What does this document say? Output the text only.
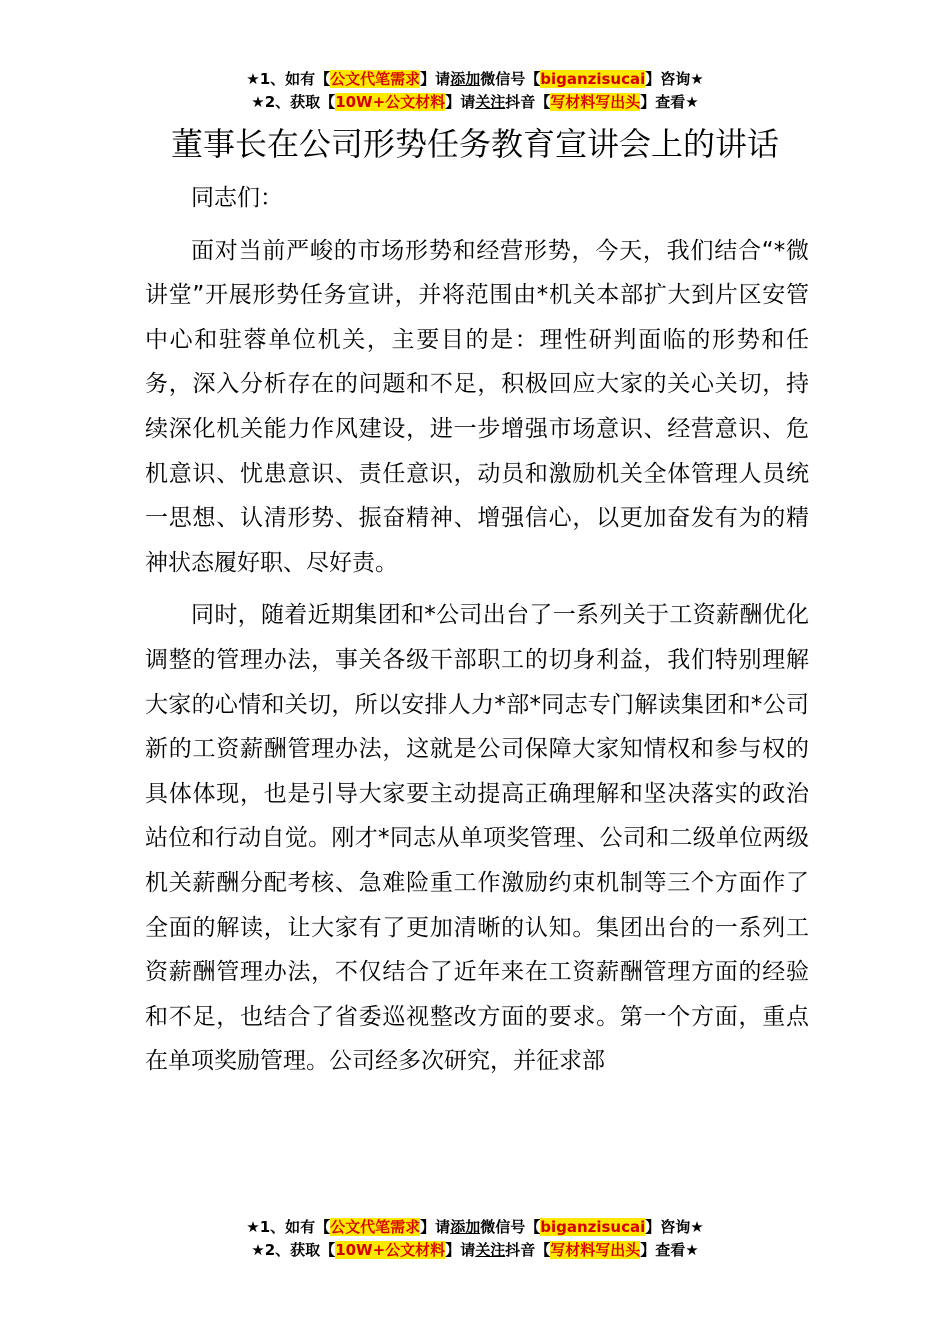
★1、如有【公文代笔需求】请添加微信号【biganzisucai】咨询★
★2、获取【10W+公文材料】请关注抖音【写材料写出头】查看★
董事长在公司形势任务教育宣讲会上的讲话

同志们：

面对当前严峻的市场形势和经营形势，今天，我们结合“*微讲堂”开展形势任务宣讲，并将范围由*机关本部扩大到片区安管中心和驻蓉单位机关，主要目的是：理性研判面临的形势和任务，深入分析存在的问题和不足，积极回应大家的关心关切，持续深化机关能力作风建设，进一步增强市场意识、经营意识、危机意识、忧患意识、责任意识，动员和激励机关全体管理人员统一思想、认清形势、振奋精神、增强信心，以更加奋发有为的精神状态履好职、尽好责。

同时，随着近期集团和*公司出台了一系列关于工资薪酬优化调整的管理办法，事关各级干部职工的切身利益，我们特别理解大家的心情和关切，所以安排人力*部*同志专门解读集团和*公司新的工资薪酬管理办法，这就是公司保障大家知情权和参与权的具体体现，也是引导大家要主动提高正确理解和坚决落实的政治站位和行动自觉。刚才*同志从单项奖管理、公司和二级单位两级机关薪酬分配考核、急难险重工作激励约束机制等三个方面作了全面的解读，让大家有了更加清晰的认知。集团出台的一系列工资薪酬管理办法，不仅结合了近年来在工资薪酬管理方面的经验和不足，也结合了省委巡视整改方面的要求。第一个方面，重点在单项奖励管理。公司经多次研究，并征求部

★1、如有【公文代笔需求】请添加微信号【biganzisucai】咨询★
★2、获取【10W+公文材料】请关注抖音【写材料写出头】查看★
